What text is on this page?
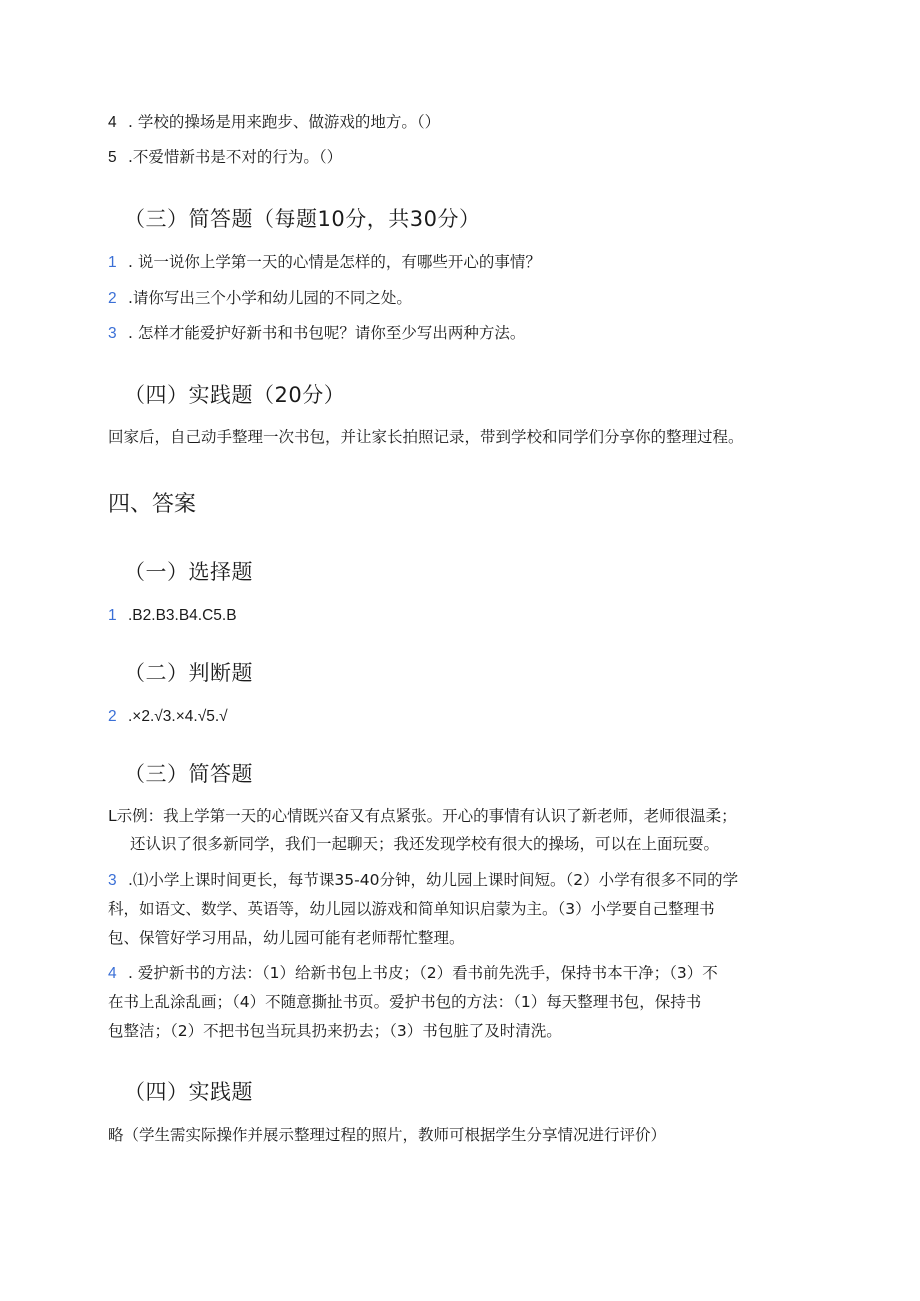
4 . 学校的操场是用来跑步、做游戏的地方。（）
5 .不爱惜新书是不对的行为。（）
（三）简答题（每题10分，共30分）
1 . 说一说你上学第一天的心情是怎样的，有哪些开心的事情？
2 .请你写出三个小学和幼儿园的不同之处。
3 . 怎样才能爱护好新书和书包呢？请你至少写出两种方法。
（四）实践题（20分）
回家后，自己动手整理一次书包，并让家长拍照记录，带到学校和同学们分享你的整理过程。
四、答案
（一）选择题
1 .B2.B3.B4.C5.B
（二）判断题
2 .×2.√3.×4.√5.√
（三）简答题
L示例：我上学第一天的心情既兴奋又有点紧张。开心的事情有认识了新老师，老师很温柔；
还认识了很多新同学，我们一起聊天；我还发现学校有很大的操场，可以在上面玩耍。
3 .⑴小学上课时间更长，每节课35-40分钟，幼儿园上课时间短。（2）小学有很多不同的学
科，如语文、数学、英语等，幼儿园以游戏和简单知识启蒙为主。（3）小学要自己整理书
包、保管好学习用品，幼儿园可能有老师帮忙整理。
4 . 爱护新书的方法：（1）给新书包上书皮；（2）看书前先洗手，保持书本干净；（3）不
在书上乱涂乱画；（4）不随意撕扯书页。爱护书包的方法：（1）每天整理书包，保持书
包整洁；（2）不把书包当玩具扔来扔去；（3）书包脏了及时清洗。
（四）实践题
略（学生需实际操作并展示整理过程的照片，教师可根据学生分享情况进行评价）
